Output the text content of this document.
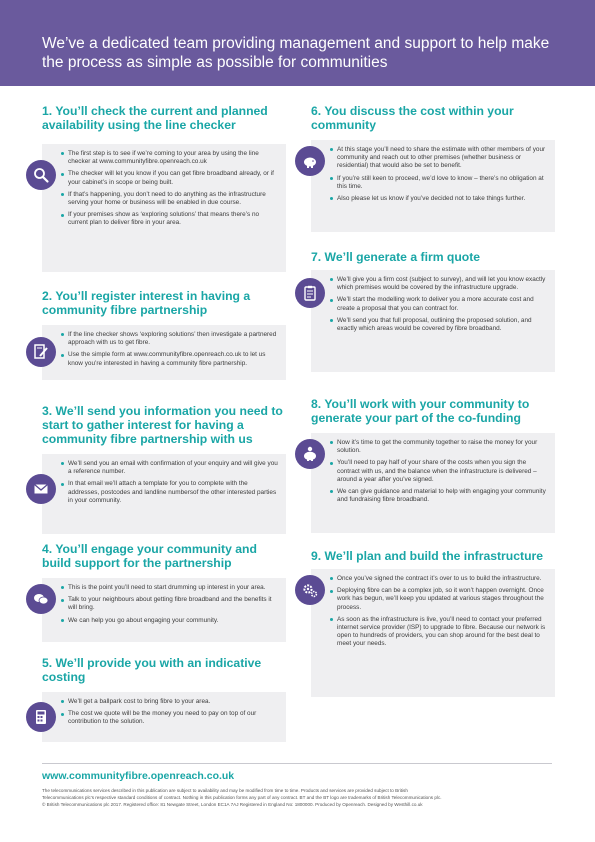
We’ve a dedicated team providing management and support to help make the process as simple as possible for communities
1. You’ll check the current and planned availability using the line checker
The first step is to see if we’re coming to your area by using the line checker at www.communityfibre.openreach.co.uk
The checker will let you know if you can get fibre broadband already, or if your cabinet’s in scope or being built.
If that’s happening, you don’t need to do anything as the infrastructure serving your home or business will be enabled in due course.
If your premises show as ‘exploring solutions’ that means there’s no current plan to deliver fibre in your area.
2. You’ll register interest in having a community fibre partnership
If the line checker shows ‘exploring solutions’ then investigate a partnered approach with us to get fibre.
Use the simple form at www.communityfibre.openreach.co.uk to let us know you’re interested in having a community fibre partnership.
3. We’ll send you information you need to start to gather interest for having a community fibre partnership with us
We’ll send you an email with confirmation of your enquiry and will give you a reference number.
In that email we’ll attach a template for you to complete with the addresses, postcodes and landline numbersof the other interested parties in your community.
4. You’ll engage your community and build support for the partnership
This is the point you’ll need to start drumming up interest in your area.
Talk to your neighbours about getting fibre broadband and the benefits it will bring.
We can help you go about engaging your community.
5. We’ll provide you with an indicative costing
We’ll get a ballpark cost to bring fibre to your area.
The cost we quote will be the money you need to pay on top of our contribution to the solution.
6. You discuss the cost within your community
At this stage you’ll need to share the estimate with other members of your community and reach out to other premises (whether business or residential) that would also be set to benefit.
If you’re still keen to proceed, we’d love to know – there’s no obligation at this time.
Also please let us know if you’ve decided not to take things further.
7. We’ll generate a firm quote
We’ll give you a firm cost (subject to survey), and will let you know exactly which premises would be covered by the infrastructure upgrade.
We’ll start the modelling work to deliver you a more accurate cost and create a proposal that you can contract for.
We’ll send you that full proposal, outlining the proposed solution, and exactly which areas would be covered by fibre broadband.
8. You’ll work with your community to generate your part of the co-funding
Now it’s time to get the community together to raise the money for your solution.
You’ll need to pay half of your share of the costs when you sign the contract with us, and the balance when the infrastructure is delivered – around a year after you’ve signed.
We can give guidance and material to help with engaging your community and fundraising fibre broadband.
9. We’ll plan and build the infrastructure
Once you’ve signed the contract it’s over to us to build the infrastructure.
Deploying fibre can be a complex job, so it won’t happen overnight. Once work has begun, we’ll keep you updated at various stages throughout the process.
As soon as the infrastructure is live, you’ll need to contact your preferred internet service provider (ISP) to upgrade to fibre. Because our network is open to hundreds of providers, you can shop around for the best deal to meet your needs.
www.communityfibre.openreach.co.uk
The telecommunications services described in this publication are subject to availability and may be modified from time to time. Products and services are provided subject to British
Telecommunications plc’s respective standard conditions of contract. Nothing in this publication forms any part of any contract. BT and the BT logo are trademarks of British Telecommunications plc.
© British Telecommunications plc 2017. Registered office: 81 Newgate Street, London EC1A 7AJ Registered in England No: 1800000. Produced by Openreach. Designed by Westhill.co.uk
